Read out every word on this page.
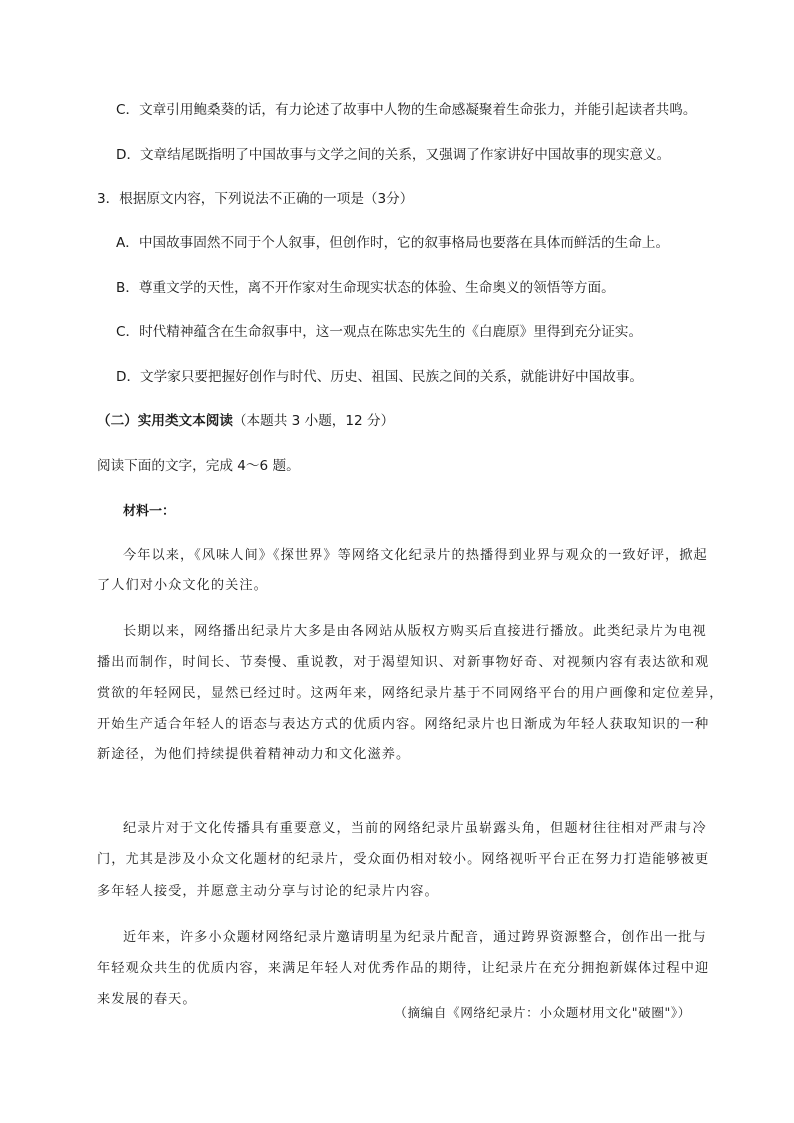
C．文章引用鲍桑葵的话，有力论述了故事中人物的生命感凝聚着生命张力，并能引起读者共鸣。
D．文章结尾既指明了中国故事与文学之间的关系，又强调了作家讲好中国故事的现实意义。
3．根据原文内容，下列说法不正确的一项是（3分）
A．中国故事固然不同于个人叙事，但创作时，它的叙事格局也要落在具体而鲜活的生命上。
B．尊重文学的天性，离不开作家对生命现实状态的体验、生命奥义的领悟等方面。
C．时代精神蕴含在生命叙事中，这一观点在陈忠实先生的《白鹿原》里得到充分证实。
D．文学家只要把握好创作与时代、历史、祖国、民族之间的关系，就能讲好中国故事。
（二）实用类文本阅读（本题共 3 小题，12 分）
阅读下面的文字，完成 4～6 题。
材料一：
今年以来，《风味人间》《探世界》等网络文化纪录片的热播得到业界与观众的一致好评，掀起
了人们对小众文化的关注。
长期以来，网络播出纪录片大多是由各网站从版权方购买后直接进行播放。此类纪录片为电视
播出而制作，时间长、节奏慢、重说教，对于渴望知识、对新事物好奇、对视频内容有表达欲和观
赏欲的年轻网民，显然已经过时。这两年来，网络纪录片基于不同网络平台的用户画像和定位差异，
开始生产适合年轻人的语态与表达方式的优质内容。网络纪录片也日渐成为年轻人获取知识的一种
新途径，为他们持续提供着精神动力和文化滋养。
纪录片对于文化传播具有重要意义，当前的网络纪录片虽崭露头角，但题材往往相对严肃与冷
门，尤其是涉及小众文化题材的纪录片，受众面仍相对较小。网络视听平台正在努力打造能够被更
多年轻人接受，并愿意主动分享与讨论的纪录片内容。
近年来，许多小众题材网络纪录片邀请明星为纪录片配音，通过跨界资源整合，创作出一批与
年轻观众共生的优质内容，来满足年轻人对优秀作品的期待，让纪录片在充分拥抱新媒体过程中迎
来发展的春天。
（摘编自《网络纪录片：小众题材用文化"破圈"》）
